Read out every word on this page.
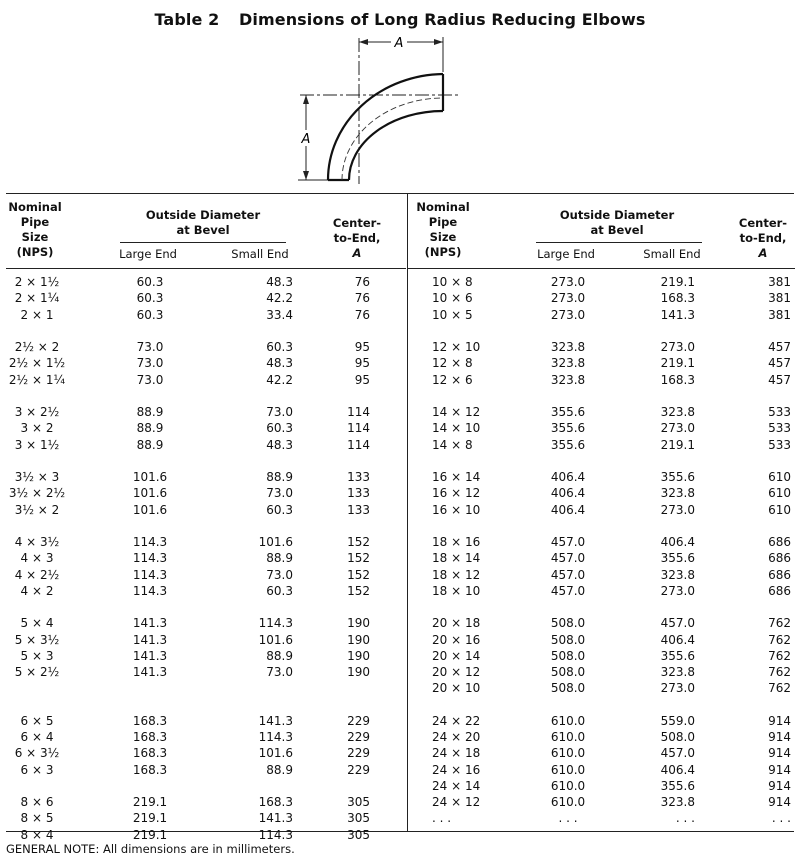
Table 2 Dimensions of Long Radius Reducing Elbows
A
A
Nominal
Pipe
Size
(NPS)
Outside Diameter
at Bevel
Large End	Small End
Center-
to-End,
A
2 × 1½	60.3	48.3	76
2 × 1¼	60.3	42.2	76
2 × 1	60.3	33.4	76
2½ × 2	73.0	60.3	95
2½ × 1½	73.0	48.3	95
2½ × 1¼	73.0	42.2	95
3 × 2½	88.9	73.0	114
3 × 2	88.9	60.3	114
3 × 1½	88.9	48.3	114
3½ × 3	101.6	88.9	133
3½ × 2½	101.6	73.0	133
3½ × 2	101.6	60.3	133
4 × 3½	114.3	101.6	152
4 × 3	114.3	88.9	152
4 × 2½	114.3	73.0	152
4 × 2	114.3	60.3	152
5 × 4	141.3	114.3	190
5 × 3½	141.3	101.6	190
5 × 3	141.3	88.9	190
5 × 2½	141.3	73.0	190
6 × 5	168.3	141.3	229
6 × 4	168.3	114.3	229
6 × 3½	168.3	101.6	229
6 × 3	168.3	88.9	229
8 × 6	219.1	168.3	305
8 × 5	219.1	141.3	305
8 × 4	219.1	114.3	305
Nominal
Pipe
Size
(NPS)
Outside Diameter
at Bevel
Large End	Small End
Center-
to-End,
A
10 × 8	273.0	219.1	381
10 × 6	273.0	168.3	381
10 × 5	273.0	141.3	381
12 × 10	323.8	273.0	457
12 × 8	323.8	219.1	457
12 × 6	323.8	168.3	457
14 × 12	355.6	323.8	533
14 × 10	355.6	273.0	533
14 × 8	355.6	219.1	533
16 × 14	406.4	355.6	610
16 × 12	406.4	323.8	610
16 × 10	406.4	273.0	610
18 × 16	457.0	406.4	686
18 × 14	457.0	355.6	686
18 × 12	457.0	323.8	686
18 × 10	457.0	273.0	686
20 × 18	508.0	457.0	762
20 × 16	508.0	406.4	762
20 × 14	508.0	355.6	762
20 × 12	508.0	323.8	762
20 × 10	508.0	273.0	762
24 × 22	610.0	559.0	914
24 × 20	610.0	508.0	914
24 × 18	610.0	457.0	914
24 × 16	610.0	406.4	914
24 × 14	610.0	355.6	914
24 × 12	610.0	323.8	914
. . .	. . .	. . .	. . .
GENERAL NOTE: All dimensions are in millimeters.
